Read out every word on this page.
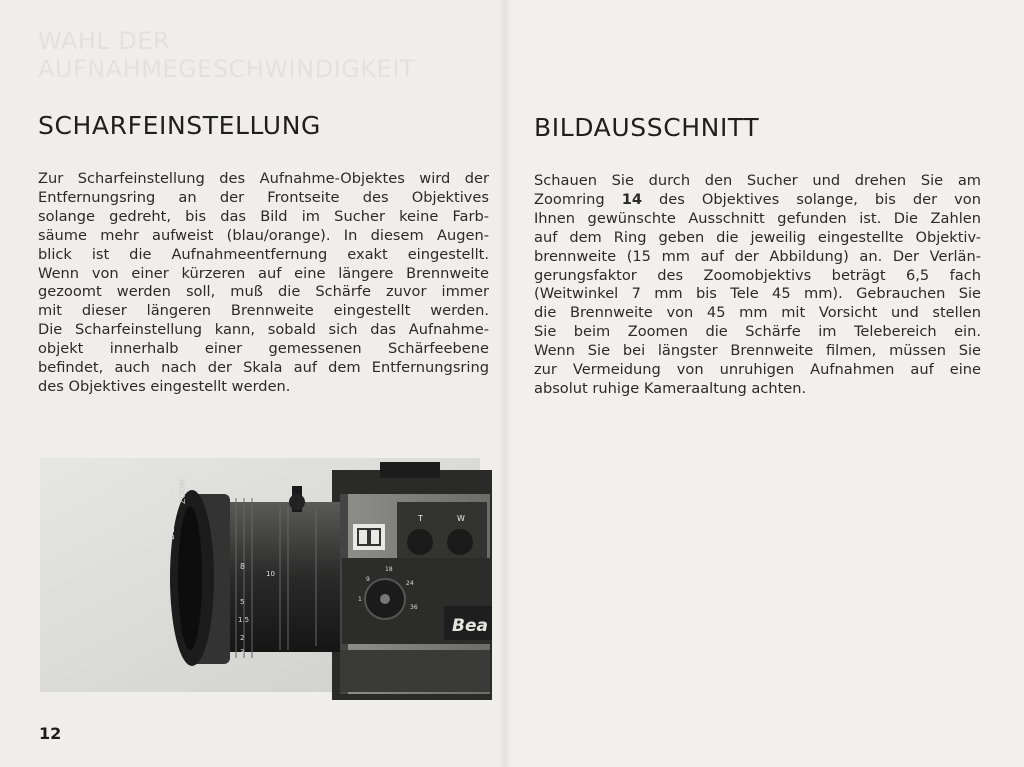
WAHL DER
AUFNAHMEGESCHWINDIGKEIT
SCHARFEINSTELLUNG
Zur Scharfeinstellung des Aufnahme-Objektes wird der
Entfernungsring an der Frontseite des Objektives
solange gedreht, bis das Bild im Sucher keine Farb-
säume mehr aufweist (blau/orange). In diesem Augen-
blick ist die Aufnahmeentfernung exakt eingestellt.
Wenn von einer kürzeren auf eine längere Brennweite
gezoomt werden soll, muß die Schärfe zuvor immer
mit dieser längeren Brennweite eingestellt werden.
Die Scharfeinstellung kann, sobald sich das Aufnahme-
objekt innerhalb einer gemessenen Schärfeebene
befindet, auch nach der Skala auf dem Entfernungsring
des Objektives eingestellt werden.
BEAULIEU ZOOM
T	W
Bea
18
24
36
9
1
8
10
5
1.5
2
3
12
BILDAUSSCHNITT
Schauen Sie durch den Sucher und drehen Sie am
Zoomring 14 des Objektives solange, bis der von
Ihnen gewünschte Ausschnitt gefunden ist. Die Zahlen
auf dem Ring geben die jeweilig eingestellte Objektiv-
brennweite (15 mm auf der Abbildung) an. Der Verlän-
gerungsfaktor des Zoomobjektivs beträgt 6,5 fach
(Weitwinkel 7 mm bis Tele 45 mm). Gebrauchen Sie
die Brennweite von 45 mm mit Vorsicht und stellen
Sie beim Zoomen die Schärfe im Telebereich ein.
Wenn Sie bei längster Brennweite filmen, müssen Sie
zur Vermeidung von unruhigen Aufnahmen auf eine
absolut ruhige Kameraaltung achten.
